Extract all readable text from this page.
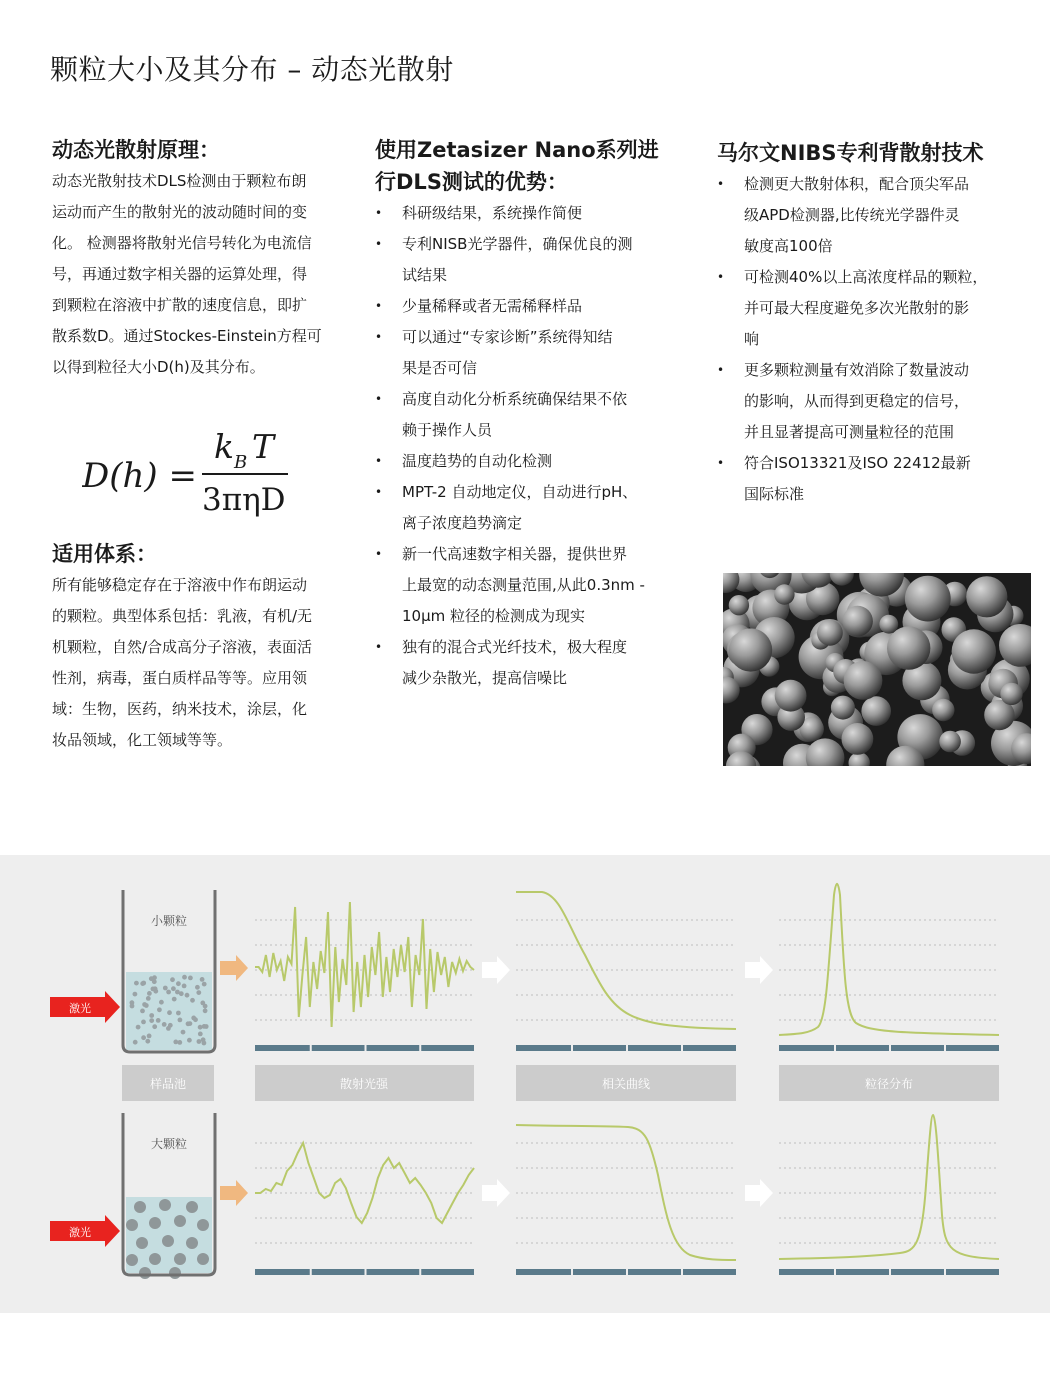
颗粒大小及其分布 – 动态光散射
动态光散射原理：
动态光散射技术DLS检测由于颗粒布朗
运动而产生的散射光的波动随时间的变
化。 检测器将散射光信号转化为电流信
号，再通过数字相关器的运算处理，得
到颗粒在溶液中扩散的速度信息，即扩
散系数D。通过Stockes-Einstein方程可
以得到粒径大小D(h)及其分布。
D(h) =
k B T
3πηD
适用体系：
所有能够稳定存在于溶液中作布朗运动
的颗粒。典型体系包括：乳液，有机/无
机颗粒，自然/合成高分子溶液，表面活
性剂，病毒，蛋白质样品等等。应用领
域：生物，医药，纳米技术，涂层，化
妆品领域，化工领域等等。
使用Zetasizer Nano系列进
行DLS测试的优势：
• 科研级结果，系统操作简便
• 专利NISB光学器件，确保优良的测
试结果
• 少量稀释或者无需稀释样品
• 可以通过“专家诊断”系统得知结
果是否可信
• 高度自动化分析系统确保结果不依
赖于操作人员
• 温度趋势的自动化检测
• MPT-2 自动地定仪，自动进行pH、
离子浓度趋势滴定
• 新一代高速数字相关器，提供世界
上最宽的动态测量范围,从此0.3nm -
10μm 粒径的检测成为现实
• 独有的混合式光纤技术，极大程度
减少杂散光，提高信噪比
马尔文NIBS专利背散射技术
• 检测更大散射体积，配合顶尖军品
级APD检测器,比传统光学器件灵
敏度高100倍
• 可检测40%以上高浓度样品的颗粒，
并可最大程度避免多次光散射的影
响
• 更多颗粒测量有效消除了数量波动
的影响，从而得到更稳定的信号，
并且显著提高可测量粒径的范围
• 符合ISO13321及ISO 22412最新
国际标准
样品池	散射光强	相关曲线	粒径分布
小颗粒
大颗粒
激光
激光
